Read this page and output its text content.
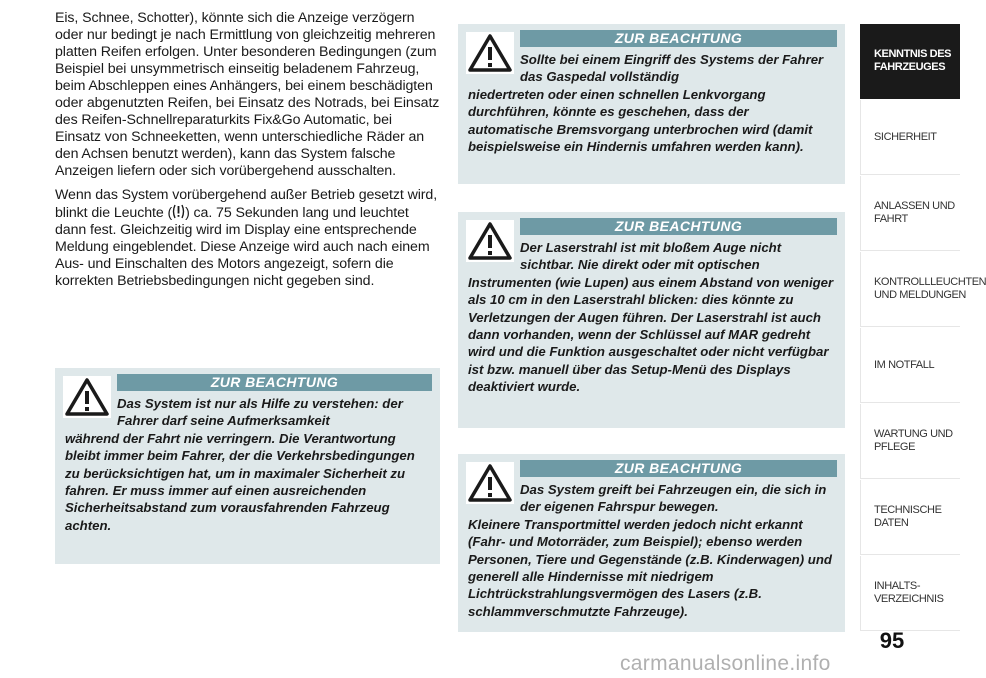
Eis, Schnee, Schotter), könnte sich die Anzeige verzögern oder nur bedingt je nach Ermittlung von gleichzeitig mehreren platten Reifen erfolgen. Unter besonderen Bedingungen (zum Beispiel bei unsymmetrisch einseitig beladenem Fahrzeug, beim Abschleppen eines Anhängers, bei einem beschädigten oder abgenutzten Reifen, bei Einsatz des Notrads, bei Einsatz des Reifen-Schnellreparaturkits Fix&Go Automatic, bei Einsatz von Schneeketten, wenn unterschiedliche Räder an den Achsen benutzt werden), kann das System falsche Anzeigen liefern oder sich vorübergehend ausschalten.

Wenn das System vorübergehend außer Betrieb gesetzt wird, blinkt die Leuchte ( ) ca. 75 Sekunden lang und leuchtet dann fest. Gleichzeitig wird im Display eine entsprechende Meldung eingeblendet. Diese Anzeige wird auch nach einem Aus- und Einschalten des Motors angezeigt, sofern die korrekten Betriebsbedingungen nicht gegeben sind.

ZUR BEACHTUNG
Das System ist nur als Hilfe zu verstehen: der Fahrer darf seine Aufmerksamkeit
während der Fahrt nie verringern. Die Verantwortung bleibt immer beim Fahrer, der die Verkehrsbedingungen zu berücksichtigen hat, um in maximaler Sicherheit zu fahren. Er muss immer auf einen ausreichenden Sicherheitsabstand zum vorausfahrenden Fahrzeug achten.
ZUR BEACHTUNG
Sollte bei einem Eingriff des Systems der Fahrer das Gaspedal vollständig
niedertreten oder einen schnellen Lenkvorgang durchführen, könnte es geschehen, dass der automatische Bremsvorgang unterbrochen wird (damit beispielsweise ein Hindernis umfahren werden kann).
ZUR BEACHTUNG
Der Laserstrahl ist mit bloßem Auge nicht sichtbar. Nie direkt oder mit optischen
Instrumenten (wie Lupen) aus einem Abstand von weniger als 10 cm in den Laserstrahl blicken: dies könnte zu Verletzungen der Augen führen. Der Laserstrahl ist auch dann vorhanden, wenn der Schlüssel auf MAR gedreht wird und die Funktion ausgeschaltet oder nicht verfügbar ist bzw. manuell über das Setup-Menü des Displays deaktiviert wurde.
ZUR BEACHTUNG
Das System greift bei Fahrzeugen ein, die sich in der eigenen Fahrspur bewegen.
Kleinere Transportmittel werden jedoch nicht erkannt (Fahr- und Motorräder, zum Beispiel); ebenso werden Personen, Tiere und Gegenstände (z.B. Kinderwagen) und generell alle Hindernisse mit niedrigem Lichtrückstrahlungsvermögen des Lasers (z.B. schlammverschmutzte Fahrzeuge).
KENNTNIS DES FAHRZEUGES
SICHERHEIT
ANLASSEN UND FAHRT
KONTROLLLEUCHTEN UND MELDUNGEN
IM NOTFALL
WARTUNG UND PFLEGE
TECHNISCHE DATEN
INHALTS-VERZEICHNIS
95
carmanualsonline.info
